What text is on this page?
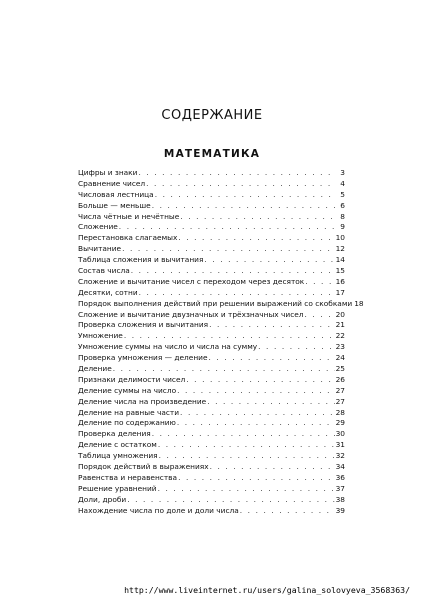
СОДЕРЖАНИЕ
МАТЕМАТИКА
Цифры и знаки . . .	3
Сравнение чисел . . .	4
Числовая лестница . . .	5
Больше — меньше . . .	6
Числа чётные и нечётные . . .	8
Сложение . . .	9
Перестановка слагаемых . . .	10
Вычитание . . .	12
Таблица сложения и вычитания . . .	14
Состав числа . . .	15
Сложение и вычитание чисел с переходом через десяток . . .	16
Десятки, сотни . . .	17
Порядок выполнения действий при решении выражений со скобками 18
Сложение и вычитание двузначных и трёхзначных чисел . . .	20
Проверка сложения и вычитания . . .	21
Умножение . . .	22
Умножение суммы на число и числа на сумму . . .	23
Проверка умножения — деление . . .	24
Деление . . .	25
Признаки делимости чисел . . .	26
Деление суммы на число . . .	27
Деление числа на произведение . . .	27
Деление на равные части . . .	28
Деление по содержанию . . .	29
Проверка деления . . .	30
Деление с остатком . . .	31
Таблица умножения . . .	32
Порядок действий в выражениях . . .	34
Равенства и неравенства . . .	36
Решение уравнений . . .	37
Доли, дроби . . .	38
Нахождение числа по доле и доли числа . . .	39
http://www.liveinternet.ru/users/galina_solovyeva_3568363/
